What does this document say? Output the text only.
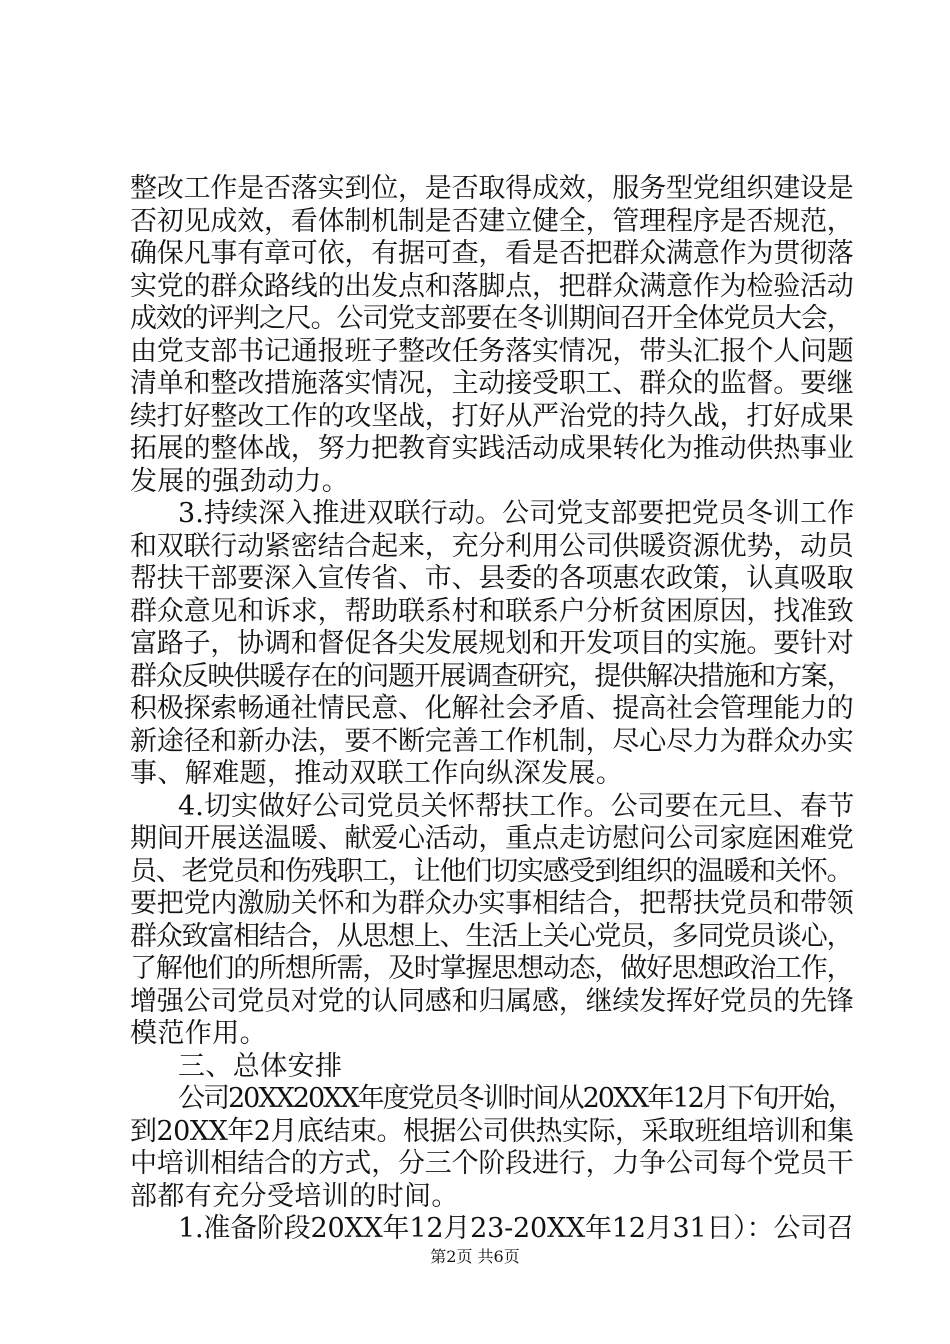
整改工作是否落实到位，是否取得成效，服务型党组织建设是
否初见成效，看体制机制是否建立健全，管理程序是否规范，
确保凡事有章可依，有据可查，看是否把群众满意作为贯彻落
实党的群众路线的出发点和落脚点，把群众满意作为检验活动
成效的评判之尺。公司党支部要在冬训期间召开全体党员大会，
由党支部书记通报班子整改任务落实情况，带头汇报个人问题
清单和整改措施落实情况，主动接受职工、群众的监督。要继
续打好整改工作的攻坚战，打好从严治党的持久战，打好成果
拓展的整体战，努力把教育实践活动成果转化为推动供热事业
发展的强劲动力。
3.持续深入推进双联行动。公司党支部要把党员冬训工作
和双联行动紧密结合起来，充分利用公司供暖资源优势，动员
帮扶干部要深入宣传省、市、县委的各项惠农政策，认真吸取
群众意见和诉求，帮助联系村和联系户分析贫困原因，找准致
富路子，协调和督促各尖发展规划和开发项目的实施。要针对
群众反映供暖存在的问题开展调查研究，提供解决措施和方案，
积极探索畅通社情民意、化解社会矛盾、提高社会管理能力的
新途径和新办法，要不断完善工作机制，尽心尽力为群众办实
事、解难题，推动双联工作向纵深发展。
4.切实做好公司党员关怀帮扶工作。公司要在元旦、春节
期间开展送温暖、献爱心活动，重点走访慰问公司家庭困难党
员、老党员和伤残职工，让他们切实感受到组织的温暖和关怀。
要把党内激励关怀和为群众办实事相结合，把帮扶党员和带领
群众致富相结合，从思想上、生活上关心党员，多同党员谈心，
了解他们的所想所需，及时掌握思想动态，做好思想政治工作，
增强公司党员对党的认同感和归属感，继续发挥好党员的先锋
模范作用。
三、总体安排
公司20XX20XX年度党员冬训时间从20XX年12月下旬开始，
到20XX年2月底结束。根据公司供热实际，采取班组培训和集
中培训相结合的方式，分三个阶段进行，力争公司每个党员干
部都有充分受培训的时间。
1.准备阶段20XX年12月23-20XX年12月31日）：公司召
第2页 共6页
